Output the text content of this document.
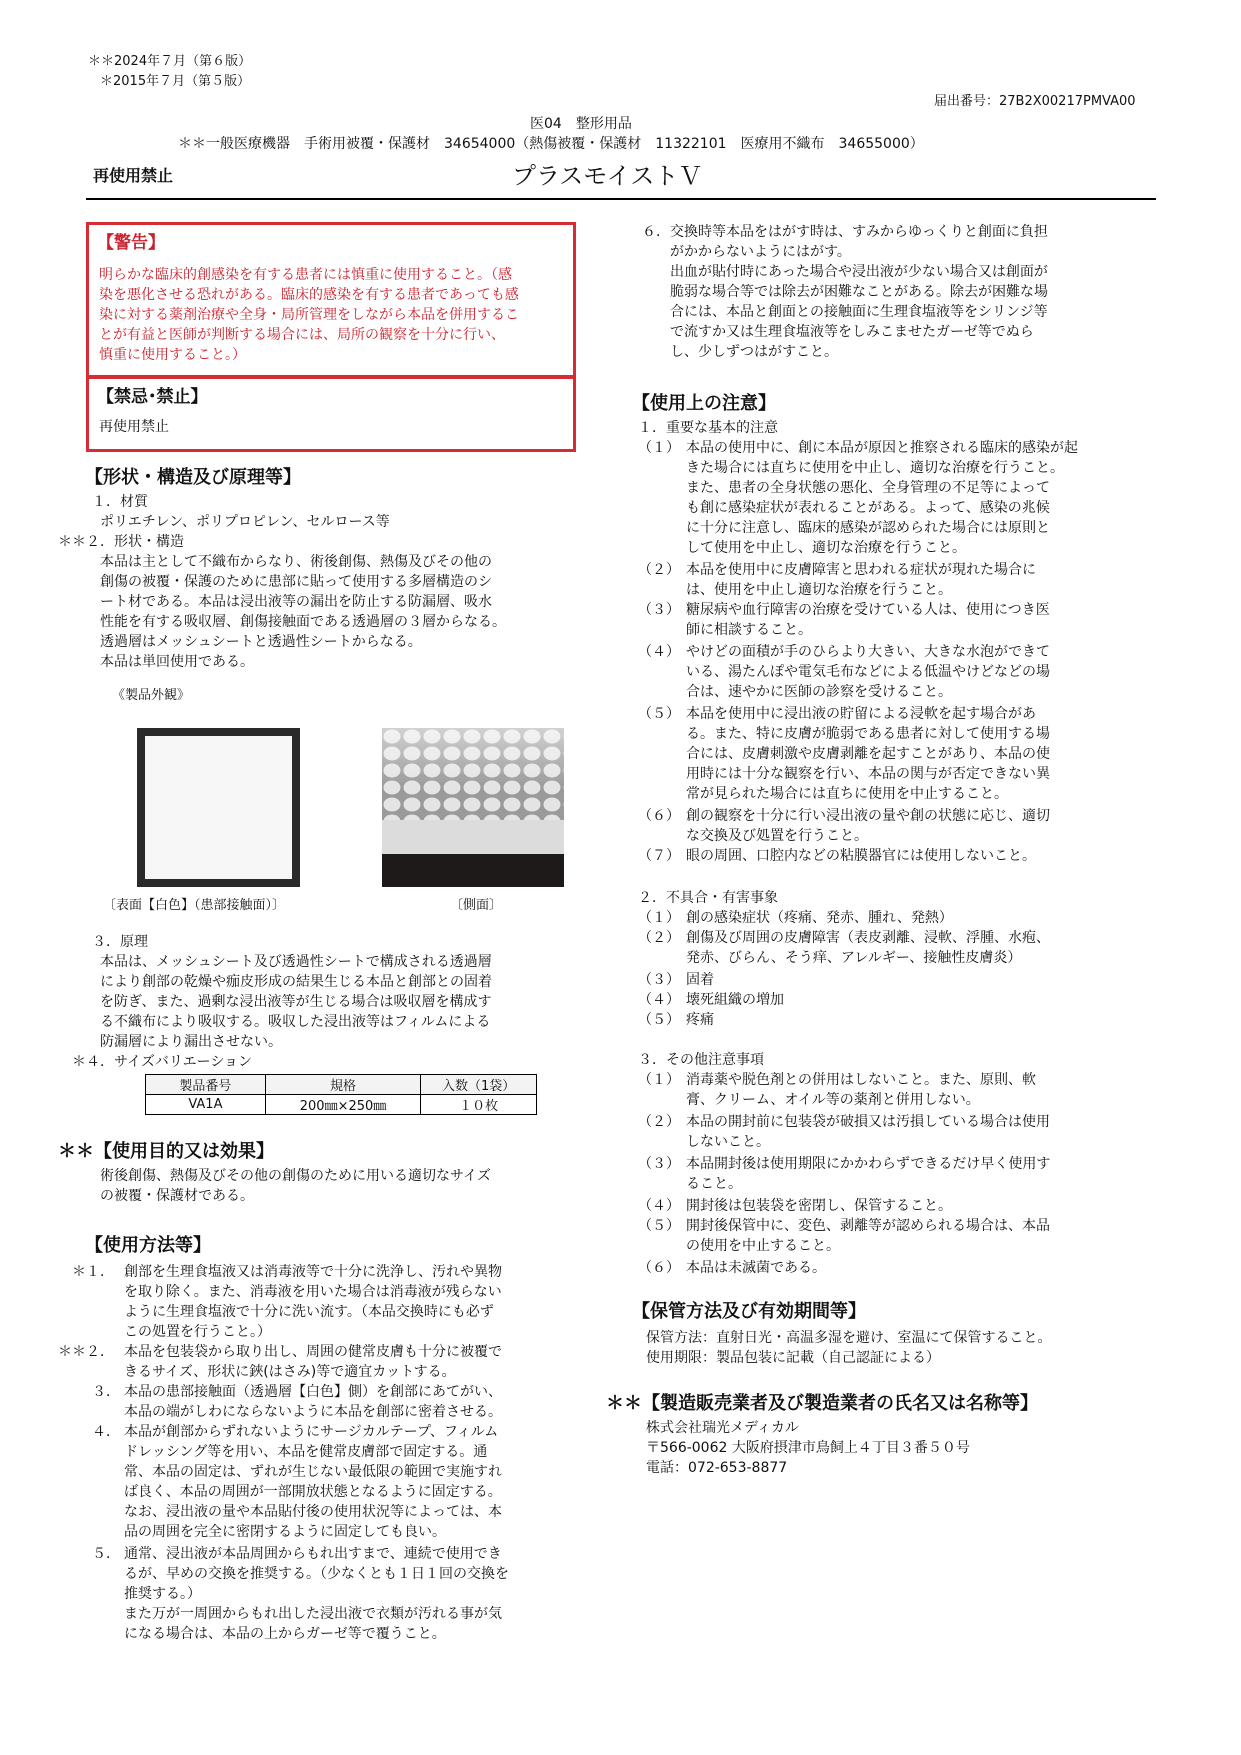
＊＊2024年７月（第６版）
＊2015年７月（第５版）
届出番号：27B2X00217PMVA00
医04　整形用品
＊＊一般医療機器　手術用被覆・保護材　34654000（熱傷被覆・保護材　11322101　医療用不織布　34655000）
再使用禁止	プラスモイストＶ
【警告】
明らかな臨床的創感染を有する患者には慎重に使用すること。（感
染を悪化させる恐れがある。臨床的感染を有する患者であっても感
染に対する薬剤治療や全身・局所管理をしながら本品を併用するこ
とが有益と医師が判断する場合には、局所の観察を十分に行い、
慎重に使用すること。）
【禁忌･禁止】
再使用禁止
【形状・構造及び原理等】
１．材質
ポリエチレン、ポリプロピレン、セルロース等
＊＊２．形状・構造
本品は主として不織布からなり、術後創傷、熱傷及びその他の
創傷の被覆・保護のために患部に貼って使用する多層構造のシ
ート材である。本品は浸出液等の漏出を防止する防漏層、吸水
性能を有する吸収層、創傷接触面である透過層の３層からなる。
透過層はメッシュシートと透過性シートからなる。
本品は単回使用である。
《製品外観》
〔表面【白色】（患部接触面）〕	〔側面〕
３．原理
本品は、メッシュシート及び透過性シートで構成される透過層
により創部の乾燥や痂皮形成の結果生じる本品と創部との固着
を防ぎ、また、過剰な浸出液等が生じる場合は吸収層を構成す
る不織布により吸収する。吸収した浸出液等はフィルムによる
防漏層により漏出させない。
＊４．サイズバリエーション
製品番号	規格	入数（1袋）
VA1A	200㎜×250㎜	１０枚
＊＊【使用目的又は効果】
術後創傷、熱傷及びその他の創傷のために用いる適切なサイズ
の被覆・保護材である。
【使用方法等】
＊１． 創部を生理食塩液又は消毒液等で十分に洗浄し、汚れや異物
を取り除く。また、消毒液を用いた場合は消毒液が残らない
ように生理食塩液で十分に洗い流す。（本品交換時にも必ず
この処置を行うこと。）
＊＊２． 本品を包装袋から取り出し、周囲の健常皮膚も十分に被覆で
きるサイズ、形状に鋏(はさみ)等で適宜カットする。
３． 本品の患部接触面（透過層【白色】側）を創部にあてがい、
本品の端がしわにならないように本品を創部に密着させる。
４． 本品が創部からずれないようにサージカルテープ、フィルム
ドレッシング等を用い、本品を健常皮膚部で固定する。通
常、本品の固定は、ずれが生じない最低限の範囲で実施すれ
ば良く、本品の周囲が一部開放状態となるように固定する。
なお、浸出液の量や本品貼付後の使用状況等によっては、本
品の周囲を完全に密閉するように固定しても良い。
５． 通常、浸出液が本品周囲からもれ出すまで、連続で使用でき
るが、早めの交換を推奨する。（少なくとも１日１回の交換を
推奨する。）
また万が一周囲からもれ出した浸出液で衣類が汚れる事が気
になる場合は、本品の上からガーゼ等で覆うこと。
６． 交換時等本品をはがす時は、すみからゆっくりと創面に負担
がかからないようにはがす。
出血が貼付時にあった場合や浸出液が少ない場合又は創面が
脆弱な場合等では除去が困難なことがある。除去が困難な場
合には、本品と創面との接触面に生理食塩液等をシリンジ等
で流すか又は生理食塩液等をしみこませたガーゼ等でぬら
し、少しずつはがすこと。
【使用上の注意】
１．重要な基本的注意
（１） 本品の使用中に、創に本品が原因と推察される臨床的感染が起
きた場合には直ちに使用を中止し、適切な治療を行うこと。
また、患者の全身状態の悪化、全身管理の不足等によって
も創に感染症状が表れることがある。よって、感染の兆候
に十分に注意し、臨床的感染が認められた場合には原則と
して使用を中止し、適切な治療を行うこと。
（２） 本品を使用中に皮膚障害と思われる症状が現れた場合に
は、使用を中止し適切な治療を行うこと。
（３） 糖尿病や血行障害の治療を受けている人は、使用につき医
師に相談すること。
（４） やけどの面積が手のひらより大きい、大きな水泡ができて
いる、湯たんぽや電気毛布などによる低温やけどなどの場
合は、速やかに医師の診察を受けること。
（５） 本品を使用中に浸出液の貯留による浸軟を起す場合があ
る。また、特に皮膚が脆弱である患者に対して使用する場
合には、皮膚刺激や皮膚剥離を起すことがあり、本品の使
用時には十分な観察を行い、本品の関与が否定できない異
常が見られた場合には直ちに使用を中止すること。
（６） 創の観察を十分に行い浸出液の量や創の状態に応じ、適切
な交換及び処置を行うこと。
（７） 眼の周囲、口腔内などの粘膜器官には使用しないこと。
２．不具合・有害事象
（１） 創の感染症状（疼痛、発赤、腫れ、発熱）
（２） 創傷及び周囲の皮膚障害（表皮剥離、浸軟、浮腫、水疱、
発赤、びらん、そう痒、アレルギー、接触性皮膚炎）
（３） 固着
（４） 壊死組織の増加
（５） 疼痛
３．その他注意事項
（１） 消毒薬や脱色剤との併用はしないこと。また、原則、軟
膏、クリーム、オイル等の薬剤と併用しない。
（２） 本品の開封前に包装袋が破損又は汚損している場合は使用
しないこと。
（３） 本品開封後は使用期限にかかわらずできるだけ早く使用す
ること。
（４） 開封後は包装袋を密閉し、保管すること。
（５） 開封後保管中に、変色、剥離等が認められる場合は、本品
の使用を中止すること。
（６） 本品は未滅菌である。
【保管方法及び有効期間等】
保管方法：直射日光・高温多湿を避け、室温にて保管すること。
使用期限：製品包装に記載（自己認証による）
＊＊【製造販売業者及び製造業者の氏名又は名称等】
株式会社瑞光メディカル
〒566-0062 大阪府摂津市鳥飼上４丁目３番５０号
電話：072-653-8877
